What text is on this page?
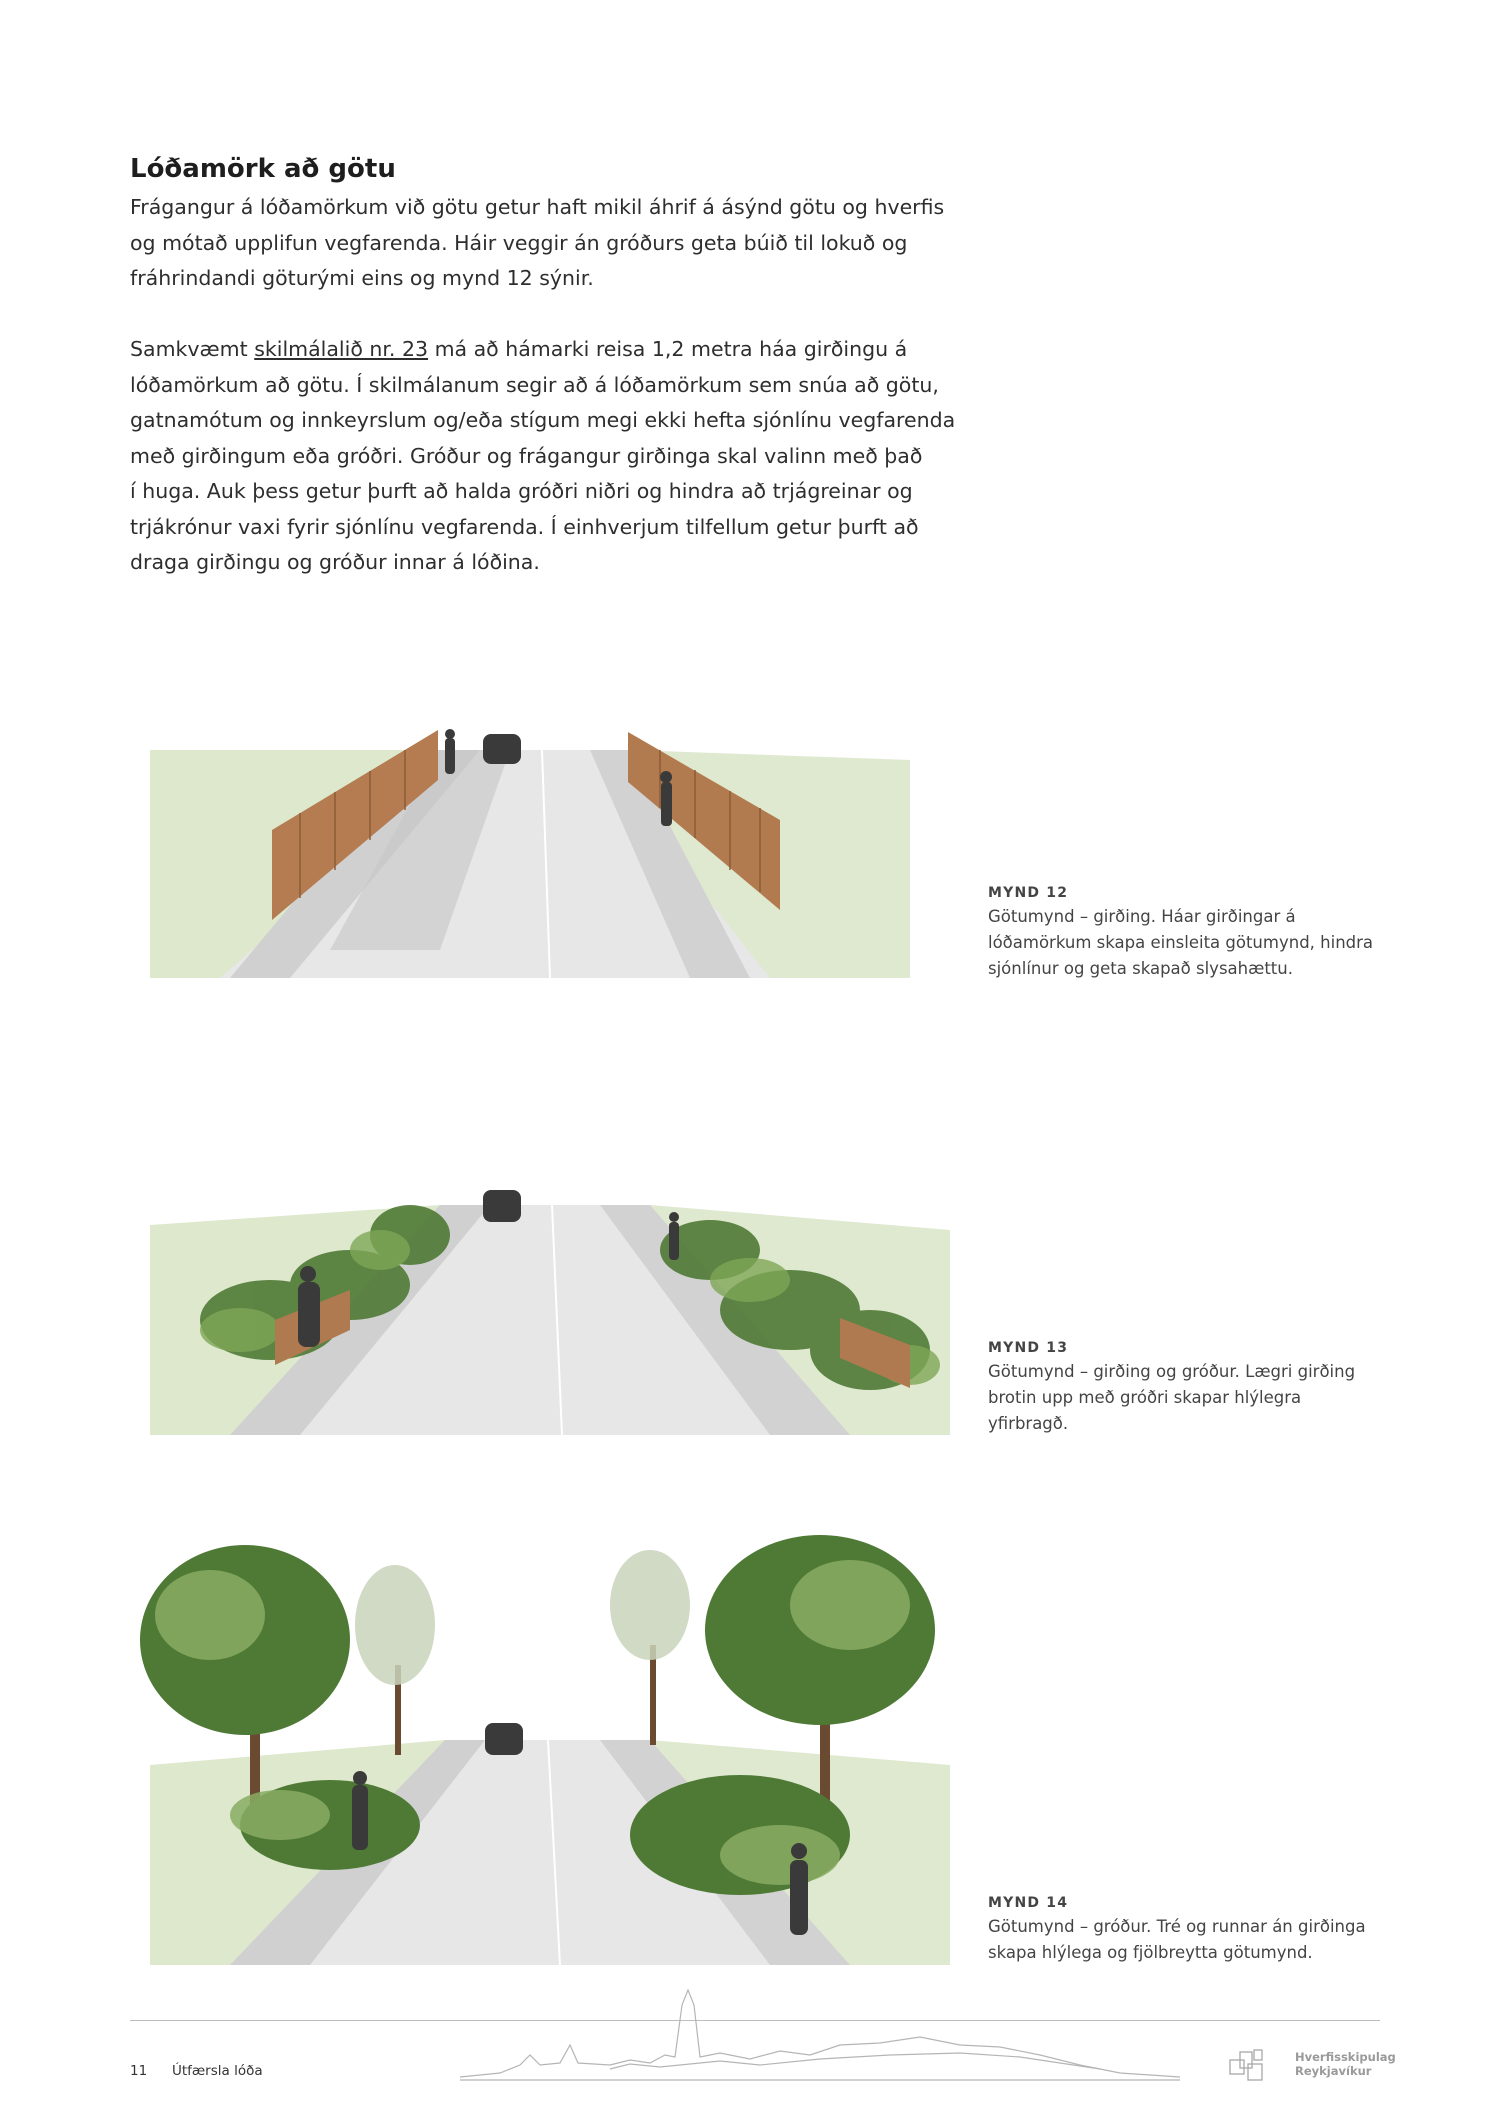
Lóðamörk að götu

Frágangur á lóðamörkum við götu getur haft mikil áhrif á ásýnd götu og hverfis

og mótað upplifun vegfarenda. Háir veggir án gróðurs geta búið til lokuð og

fráhrindandi göturými eins og mynd 12 sýnir.

Samkvæmt skilmálalið nr. 23 má að hámarki reisa 1,2 metra háa girðingu á

lóðamörkum að götu. Í skilmálanum segir að á lóðamörkum sem snúa að götu,

gatnamótum og innkeyrslum og/eða stígum megi ekki hefta sjónlínu vegfarenda

með girðingum eða gróðri. Gróður og frágangur girðinga skal valinn með það

í huga. Auk þess getur þurft að halda gróðri niðri og hindra að trjágreinar og

trjákrónur vaxi fyrir sjónlínu vegfarenda. Í einhverjum tilfellum getur þurft að

draga girðingu og gróður innar á lóðina.

MYND 12
Götumynd – girðing. Háar girðingar á
lóðamörkum skapa einsleita götumynd, hindra
sjónlínur og geta skapað slysahættu.
MYND 13
Götumynd – girðing og gróður. Lægri girðing
brotin upp með gróðri skapar hlýlegra
yfirbragð.
MYND 14
Götumynd – gróður. Tré og runnar án girðinga
skapa hlýlega og fjölbreytta götumynd.
11 Útfærsla lóða
Hverfisskipulag
Reykjavíkur
